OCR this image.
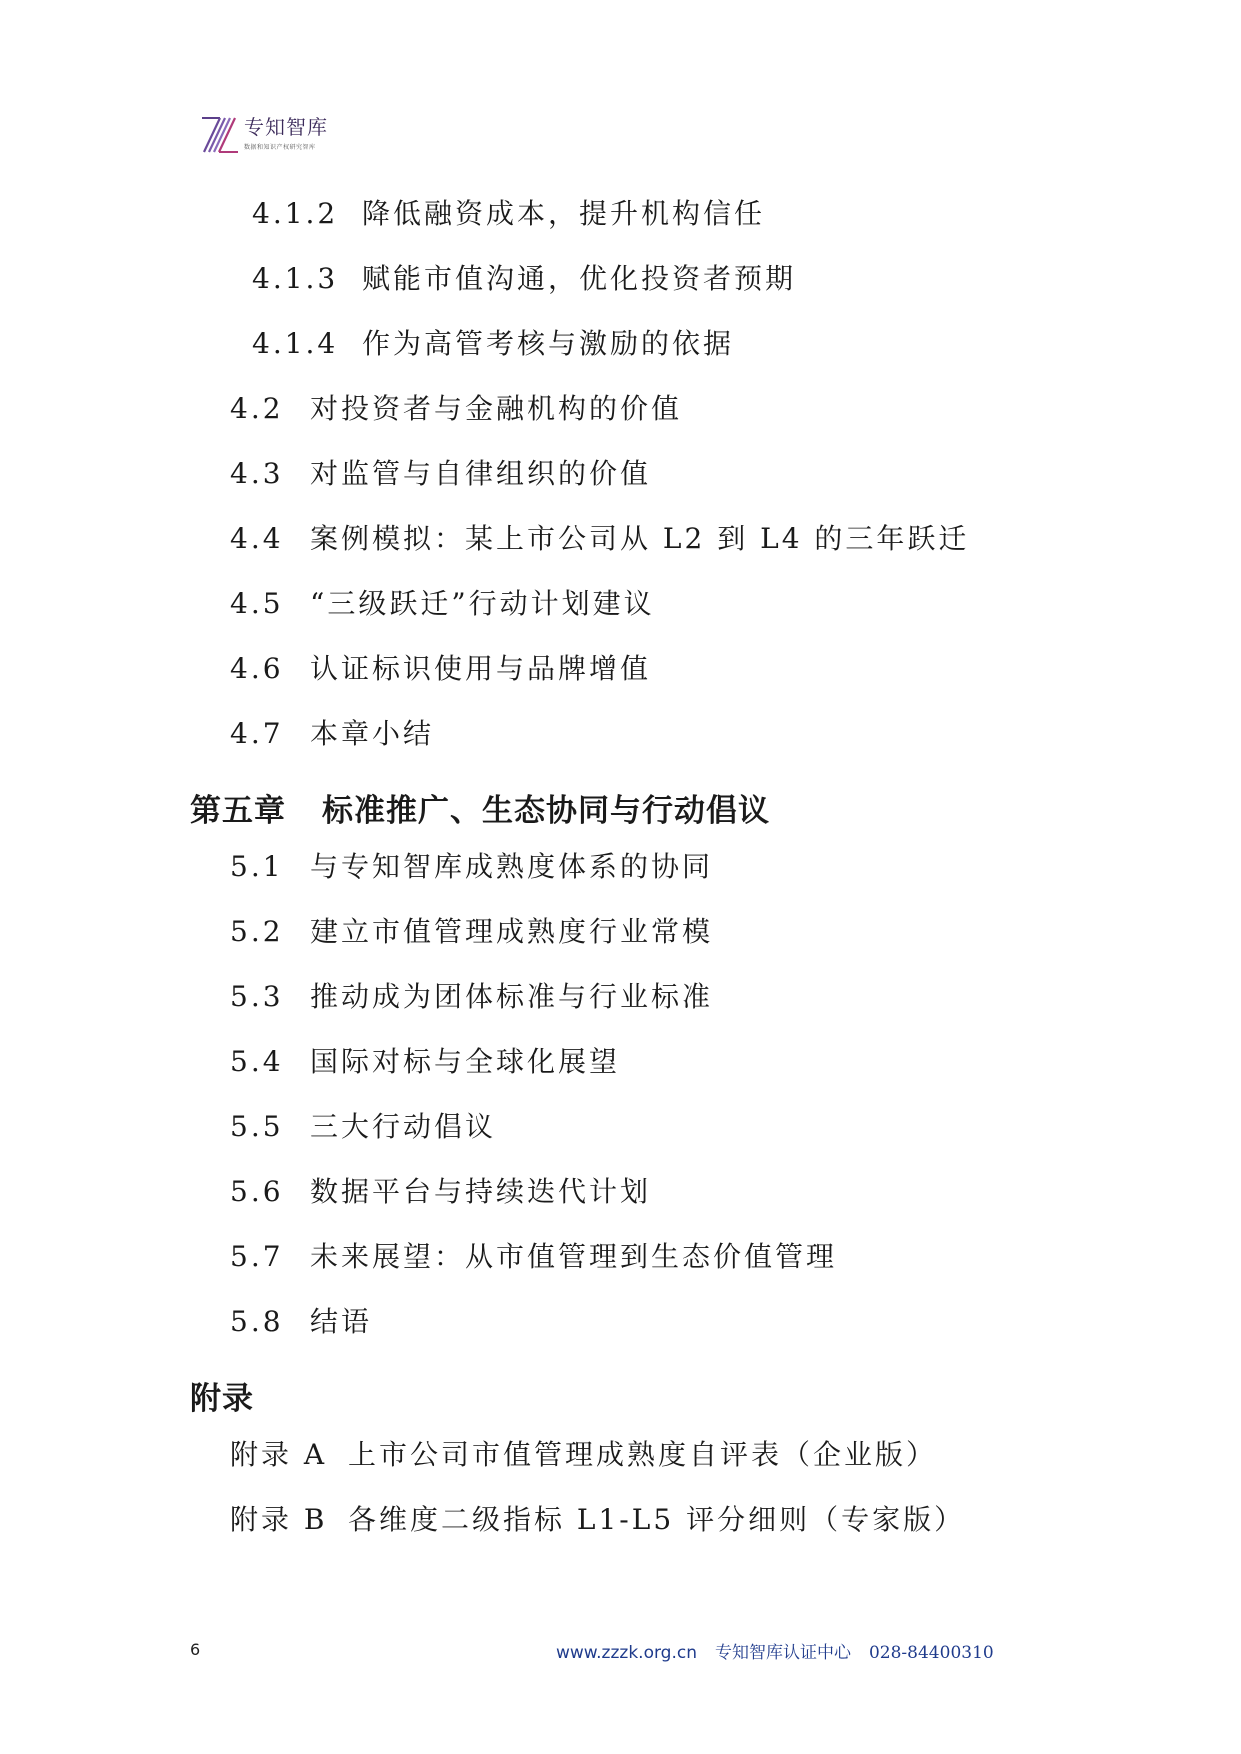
专知智库
数据和知识产权研究智库
4.1.2 降低融资成本，提升机构信任
4.1.3 赋能市值沟通，优化投资者预期
4.1.4 作为高管考核与激励的依据
4.2 对投资者与金融机构的价值
4.3 对监管与自律组织的价值
4.4 案例模拟：某上市公司从 L2 到 L4 的三年跃迁
4.5 “三级跃迁”行动计划建议
4.6 认证标识使用与品牌增值
4.7 本章小结
第五章 标准推广、生态协同与行动倡议
5.1 与专知智库成熟度体系的协同
5.2 建立市值管理成熟度行业常模
5.3 推动成为团体标准与行业标准
5.4 国际对标与全球化展望
5.5 三大行动倡议
5.6 数据平台与持续迭代计划
5.7 未来展望：从市值管理到生态价值管理
5.8 结语
附录
附录 A 上市公司市值管理成熟度自评表（企业版）
附录 B 各维度二级指标 L1-L5 评分细则（专家版）
6	www.zzzk.org.cn 专知智库认证中心 028-84400310
